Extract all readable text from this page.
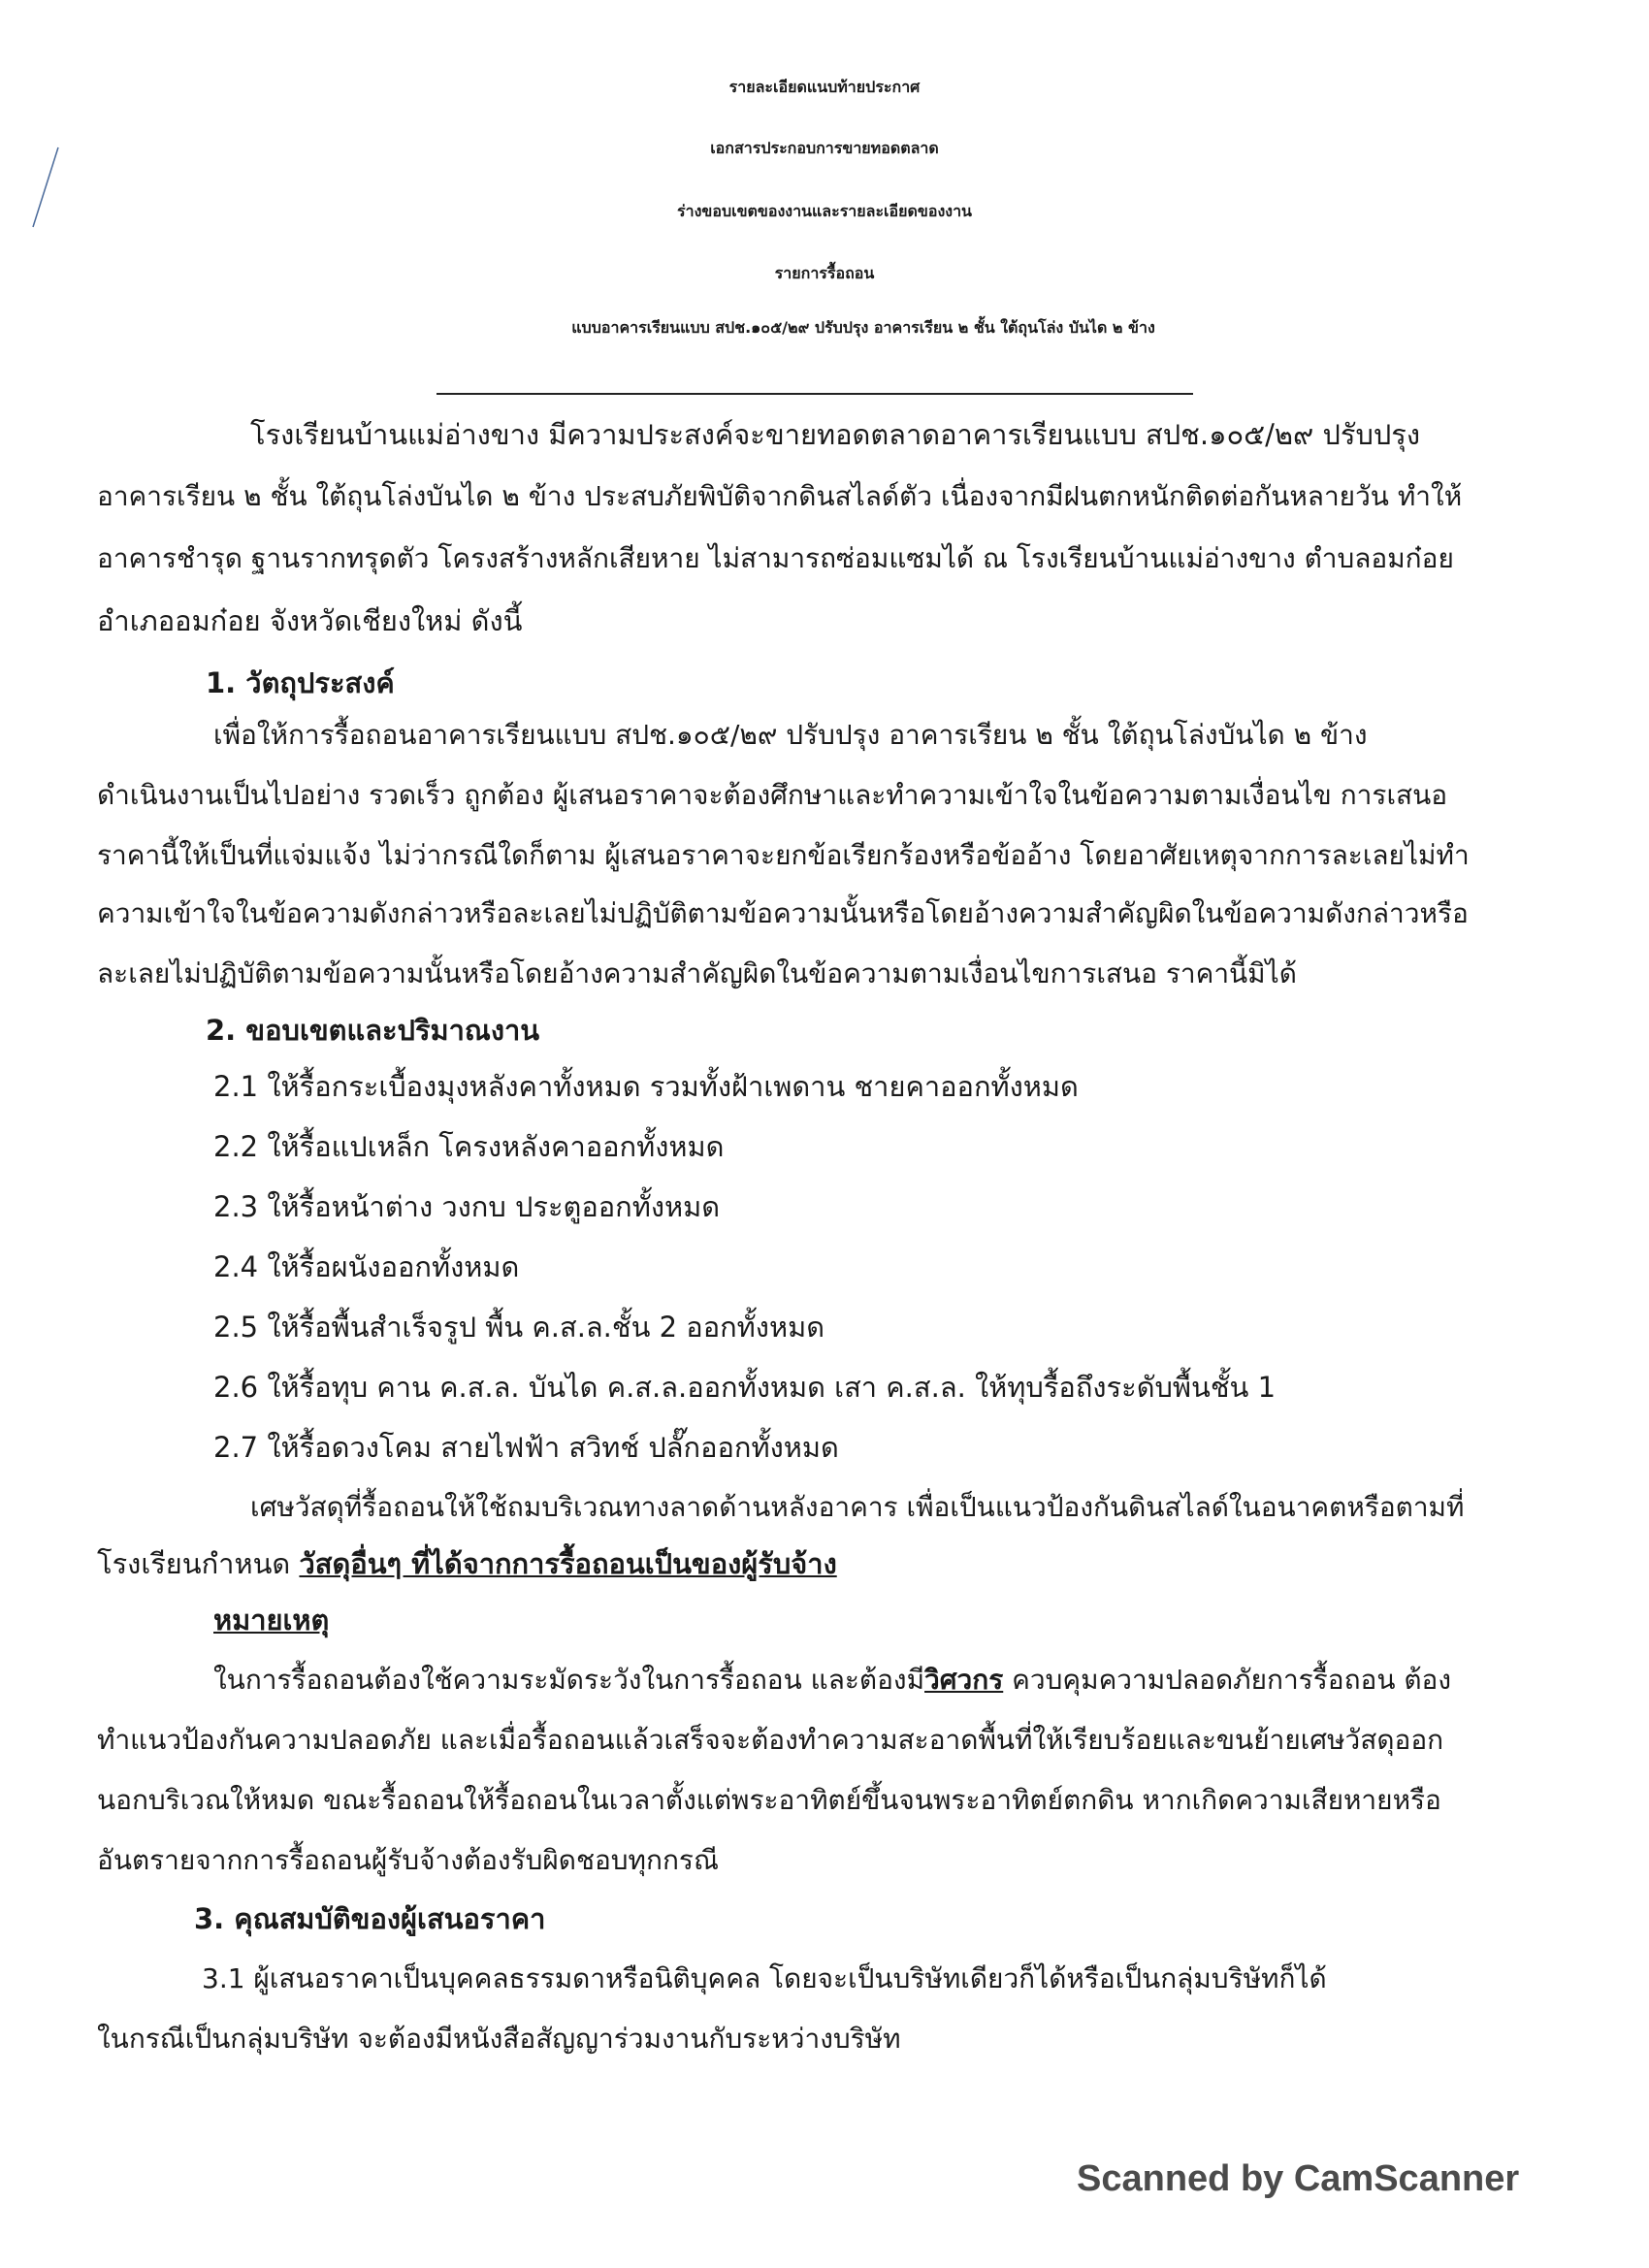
รายละเอียดแนบท้ายประกาศ
เอกสารประกอบการขายทอดตลาด
ร่างขอบเขตของงานและรายละเอียดของงาน
รายการรื้อถอน
แบบอาคารเรียนแบบ สปช.๑๐๕/๒๙ ปรับปรุง อาคารเรียน ๒ ชั้น ใต้ถุนโล่ง บันได ๒ ข้าง
โรงเรียนบ้านแม่อ่างขาง มีความประสงค์จะขายทอดตลาดอาคารเรียนแบบ สปช.๑๐๕/๒๙ ปรับปรุง
อาคารเรียน ๒ ชั้น ใต้ถุนโล่งบันได ๒ ข้าง ประสบภัยพิบัติจากดินสไลด์ตัว เนื่องจากมีฝนตกหนักติดต่อกันหลายวัน ทำให้
อาคารชำรุด ฐานรากทรุดตัว โครงสร้างหลักเสียหาย ไม่สามารถซ่อมแซมได้ ณ โรงเรียนบ้านแม่อ่างขาง ตำบลอมก๋อย
อำเภออมก๋อย จังหวัดเชียงใหม่ ดังนี้
1. วัตถุประสงค์
เพื่อให้การรื้อถอนอาคารเรียนแบบ สปช.๑๐๕/๒๙ ปรับปรุง อาคารเรียน ๒ ชั้น ใต้ถุนโล่งบันได ๒ ข้าง
ดำเนินงานเป็นไปอย่าง รวดเร็ว ถูกต้อง ผู้เสนอราคาจะต้องศึกษาและทำความเข้าใจในข้อความตามเงื่อนไข การเสนอ
ราคานี้ให้เป็นที่แจ่มแจ้ง ไม่ว่ากรณีใดก็ตาม ผู้เสนอราคาจะยกข้อเรียกร้องหรือข้ออ้าง โดยอาศัยเหตุจากการละเลยไม่ทำ
ความเข้าใจในข้อความดังกล่าวหรือละเลยไม่ปฏิบัติตามข้อความนั้นหรือโดยอ้างความสำคัญผิดในข้อความดังกล่าวหรือ
ละเลยไม่ปฏิบัติตามข้อความนั้นหรือโดยอ้างความสำคัญผิดในข้อความตามเงื่อนไขการเสนอ ราคานี้มิได้
2. ขอบเขตและปริมาณงาน
2.1 ให้รื้อกระเบื้องมุงหลังคาทั้งหมด รวมทั้งฝ้าเพดาน ชายคาออกทั้งหมด
2.2 ให้รื้อแปเหล็ก โครงหลังคาออกทั้งหมด
2.3 ให้รื้อหน้าต่าง วงกบ ประตูออกทั้งหมด
2.4 ให้รื้อผนังออกทั้งหมด
2.5 ให้รื้อพื้นสำเร็จรูป พื้น ค.ส.ล.ชั้น 2 ออกทั้งหมด
2.6 ให้รื้อทุบ คาน ค.ส.ล. บันได ค.ส.ล.ออกทั้งหมด เสา ค.ส.ล. ให้ทุบรื้อถึงระดับพื้นชั้น 1
2.7 ให้รื้อดวงโคม สายไฟฟ้า สวิทช์ ปลั๊กออกทั้งหมด
เศษวัสดุที่รื้อถอนให้ใช้ถมบริเวณทางลาดด้านหลังอาคาร เพื่อเป็นแนวป้องกันดินสไลด์ในอนาคตหรือตามที่
โรงเรียนกำหนด วัสดุอื่นๆ ที่ได้จากการรื้อถอนเป็นของผู้รับจ้าง
หมายเหตุ
ในการรื้อถอนต้องใช้ความระมัดระวังในการรื้อถอน และต้องมีวิศวกร ควบคุมความปลอดภัยการรื้อถอน ต้อง
ทำแนวป้องกันความปลอดภัย และเมื่อรื้อถอนแล้วเสร็จจะต้องทำความสะอาดพื้นที่ให้เรียบร้อยและขนย้ายเศษวัสดุออก
นอกบริเวณให้หมด ขณะรื้อถอนให้รื้อถอนในเวลาตั้งแต่พระอาทิตย์ขึ้นจนพระอาทิตย์ตกดิน หากเกิดความเสียหายหรือ
อันตรายจากการรื้อถอนผู้รับจ้างต้องรับผิดชอบทุกกรณี
3. คุณสมบัติของผู้เสนอราคา
3.1 ผู้เสนอราคาเป็นบุคคลธรรมดาหรือนิติบุคคล โดยจะเป็นบริษัทเดียวก็ได้หรือเป็นกลุ่มบริษัทก็ได้
ในกรณีเป็นกลุ่มบริษัท จะต้องมีหนังสือสัญญาร่วมงานกับระหว่างบริษัท
Scanned by CamScanner
